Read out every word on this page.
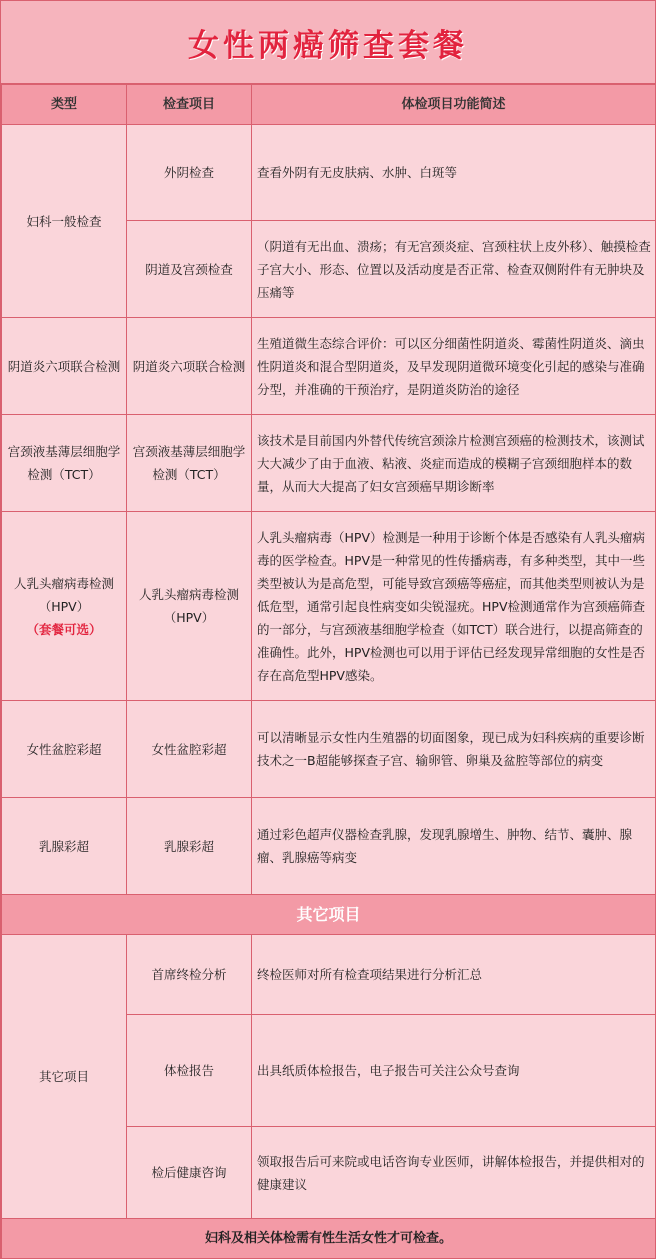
女性两癌筛查套餐
类型	检查项目	体检项目功能简述
妇科一般检查	外阴检查	查看外阴有无皮肤病、水肿、白斑等
	阴道及宫颈检查	（阴道有无出血、溃疡；有无宫颈炎症、宫颈柱状上皮外移）、触摸检查子宫大小、形态、位置以及活动度是否正常、检查双侧附件有无肿块及压痛等
阴道炎六项联合检测	阴道炎六项联合检测	生殖道微生态综合评价：可以区分细菌性阴道炎、霉菌性阴道炎、滴虫性阴道炎和混合型阴道炎，及早发现阴道微环境变化引起的感染与准确分型，并准确的干预治疗，是阴道炎防治的途径
宫颈液基薄层细胞学检测（TCT）	宫颈液基薄层细胞学检测（TCT）	该技术是目前国内外替代传统宫颈涂片检测宫颈癌的检测技术，该测试大大减少了由于血液、粘液、炎症而造成的模糊子宫颈细胞样本的数量，从而大大提高了妇女宫颈癌早期诊断率
人乳头瘤病毒检测（HPV）（套餐可选）	人乳头瘤病毒检测（HPV）	人乳头瘤病毒（HPV）检测是一种用于诊断个体是否感染有人乳头瘤病毒的医学检查。HPV是一种常见的性传播病毒，有多种类型，其中一些类型被认为是高危型，可能导致宫颈癌等癌症，而其他类型则被认为是低危型，通常引起良性病变如尖锐湿疣。HPV检测通常作为宫颈癌筛查的一部分，与宫颈液基细胞学检查（如TCT）联合进行，以提高筛查的准确性。此外，HPV检测也可以用于评估已经发现异常细胞的女性是否存在高危型HPV感染。
女性盆腔彩超	女性盆腔彩超	可以清晰显示女性内生殖器的切面图象，现已成为妇科疾病的重要诊断技术之一B超能够探查子宫、输卵管、卵巢及盆腔等部位的病变
乳腺彩超	乳腺彩超	通过彩色超声仪器检查乳腺，发现乳腺增生、肿物、结节、囊肿、腺瘤、乳腺癌等病变
其它项目		
其它项目	首席终检分析	终检医师对所有检查项结果进行分析汇总
	体检报告	出具纸质体检报告，电子报告可关注公众号查询
	检后健康咨询	领取报告后可来院或电话咨询专业医师，讲解体检报告，并提供相对的健康建议
妇科及相关体检需有性生活女性才可检查。		
